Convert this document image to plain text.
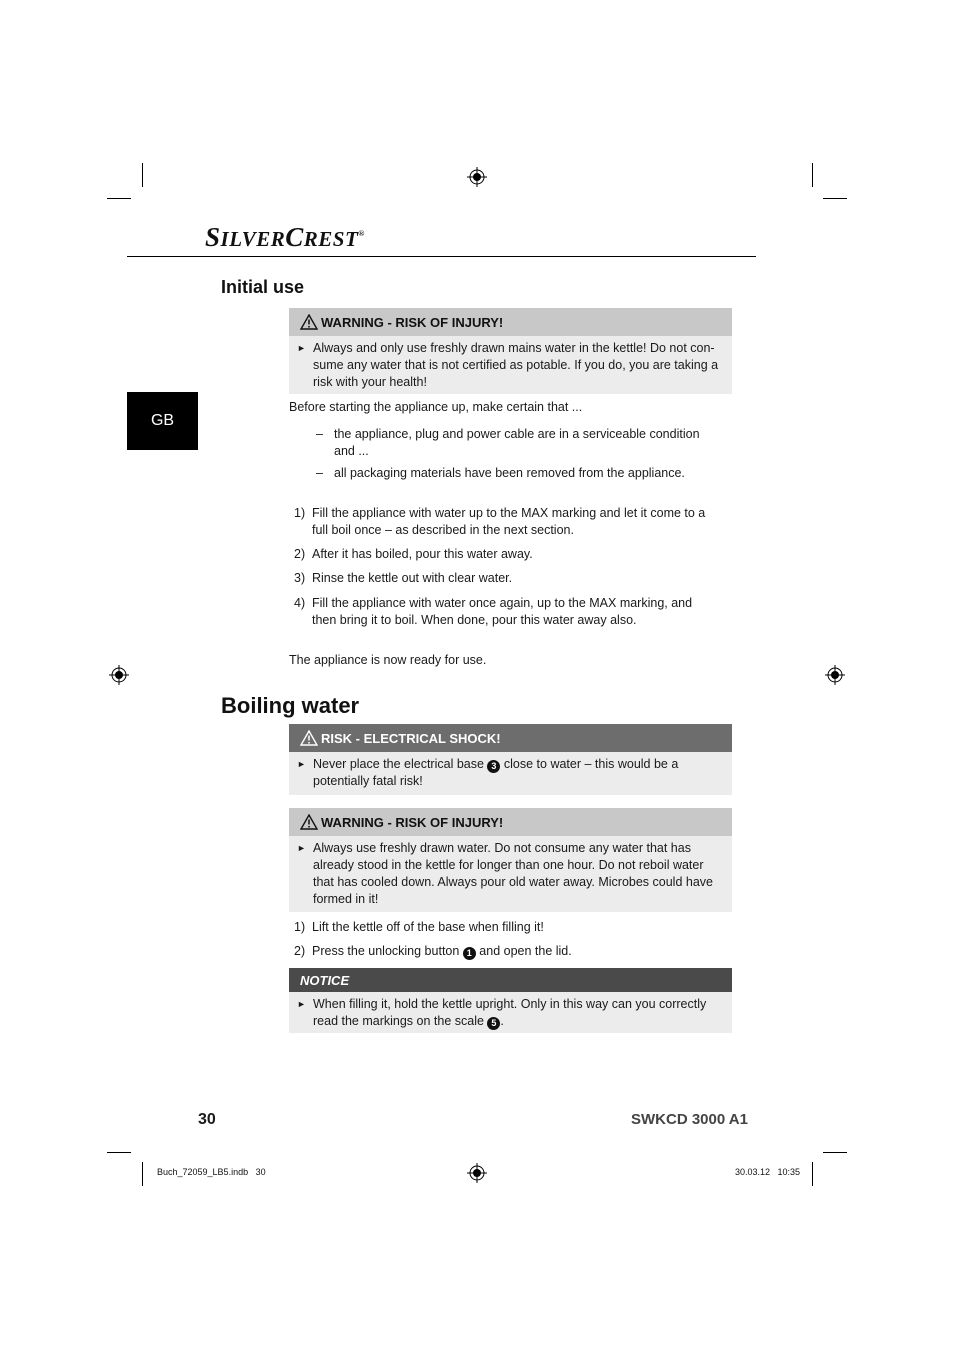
SILVERCREST®
GB
Initial use
WARNING - RISK OF INJURY!
► Always and only use freshly drawn mains water in the kettle! Do not con-sume any water that is not certified as potable. If you do, you are taking a risk with your health!
Before starting the appliance up, make certain that ...
– the appliance, plug and power cable are in a serviceable condition and ...
– all packaging materials have been removed from the appliance.
1) Fill the appliance with water up to the MAX marking and let it come to a full boil once – as described in the next section.
2) After it has boiled, pour this water away.
3) Rinse the kettle out with clear water.
4) Fill the appliance with water once again, up to the MAX marking, and then bring it to boil. When done, pour this water away also.
The appliance is now ready for use.
Boiling water
RISK - ELECTRICAL SHOCK!
► Never place the electrical base 3 close to water – this would be a potentially fatal risk!
WARNING - RISK OF INJURY!
► Always use freshly drawn water. Do not consume any water that has already stood in the kettle for longer than one hour. Do not reboil water that has cooled down. Always pour old water away. Microbes could have formed in it!
1) Lift the kettle off of the base when filling it!
2) Press the unlocking button 1 and open the lid.
NOTICE
► When filling it, hold the kettle upright. Only in this way can you correctly read the markings on the scale 5 .
30	SWKCD 3000 A1
Buch_72059_LB5.indb   30	30.03.12   10:35
